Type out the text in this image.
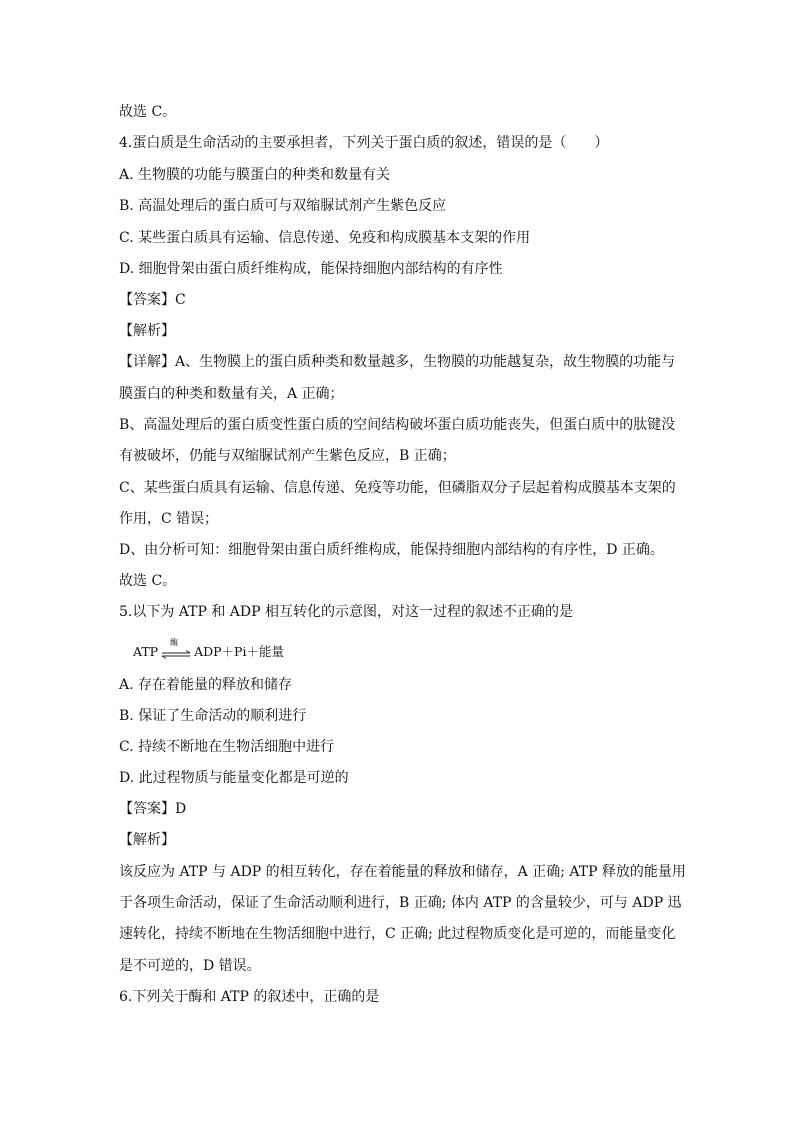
故选 C。
4.蛋白质是生命活动的主要承担者，下列关于蛋白质的叙述，错误的是（　　）
A. 生物膜的功能与膜蛋白的种类和数量有关
B. 高温处理后的蛋白质可与双缩脲试剂产生紫色反应
C. 某些蛋白质具有运输、信息传递、免疫和构成膜基本支架的作用
D. 细胞骨架由蛋白质纤维构成，能保持细胞内部结构的有序性
【答案】C
【解析】
【详解】A、生物膜上的蛋白质种类和数量越多，生物膜的功能越复杂，故生物膜的功能与
膜蛋白的种类和数量有关，A 正确；
B、高温处理后的蛋白质变性蛋白质的空间结构破坏蛋白质功能丧失，但蛋白质中的肽键没
有被破坏，仍能与双缩脲试剂产生紫色反应，B 正确；
C、某些蛋白质具有运输、信息传递、免疫等功能，但磷脂双分子层起着构成膜基本支架的
作用，C 错误；
D、由分析可知：细胞骨架由蛋白质纤维构成，能保持细胞内部结构的有序性，D 正确。
故选 C。
5.以下为 ATP 和 ADP 相互转化的示意图，对这一过程的叙述不正确的是
ATP
酶
ADP＋Pi＋能量
A. 存在着能量的释放和储存
B. 保证了生命活动的顺利进行
C. 持续不断地在生物活细胞中进行
D. 此过程物质与能量变化都是可逆的
【答案】D
【解析】
该反应为 ATP 与 ADP 的相互转化，存在着能量的释放和储存，A 正确; ATP 释放的能量用
于各项生命活动，保证了生命活动顺利进行，B 正确; 体内 ATP 的含量较少，可与 ADP 迅
速转化，持续不断地在生物活细胞中进行，C 正确; 此过程物质变化是可逆的，而能量变化
是不可逆的，D 错误。
6.下列关于酶和 ATP 的叙述中，正确的是
